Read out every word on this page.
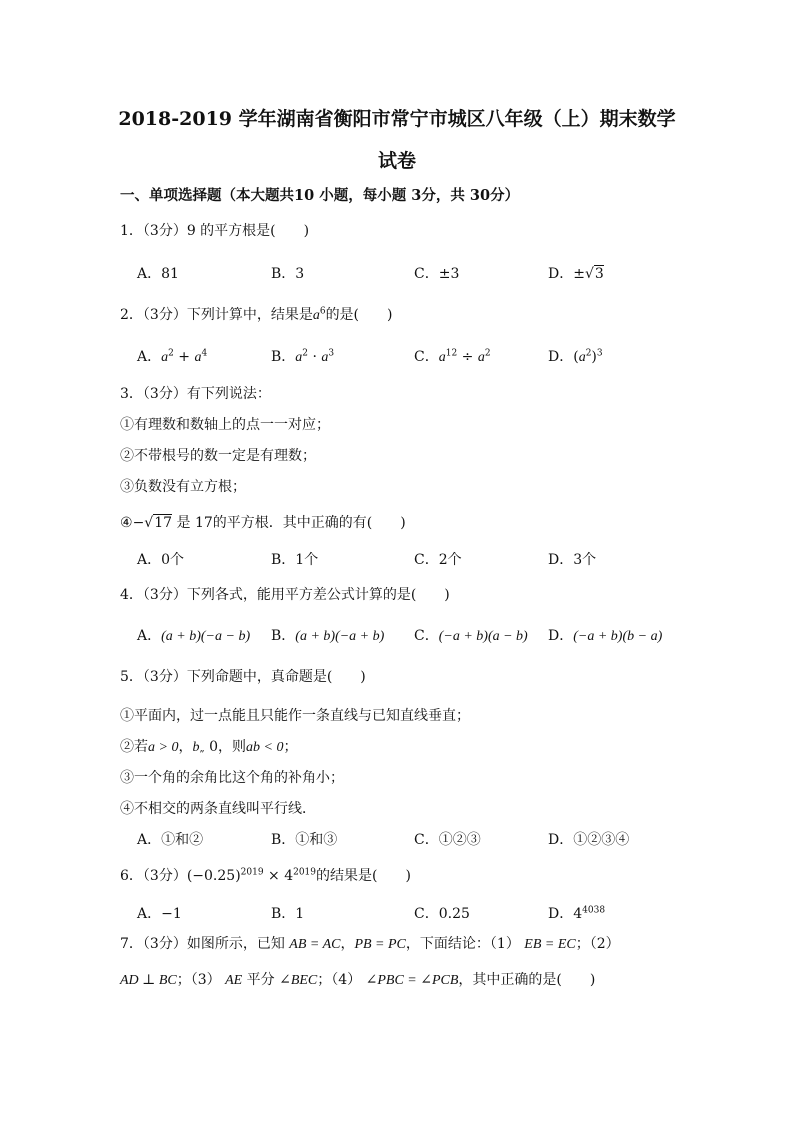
2018-2019 学年湖南省衡阳市常宁市城区八年级（上）期末数学
试卷
一、单项选择题（本大题共10 小题，每小题 3分，共 30分）
1．（3分）9 的平方根是(　　)
A．81	B．3	C．±3	D．±√3
2．（3分）下列计算中，结果是$a^6$的是(　　)
A．$a^2 + a^4$	B．$a^2 \cdot a^3$	C．$a^{12} \div a^2$	D．$(a^2)^3$
3．（3分）有下列说法：
①有理数和数轴上的点一一对应；
②不带根号的数一定是有理数；
③负数没有立方根；
④−√17 是 17的平方根．其中正确的有(　　)
A．0个	B．1个	C．2个	D．3个
4．（3分）下列各式，能用平方差公式计算的是(　　)
A．(a + b)(−a − b) B．(a + b)(−a + b) C．(−a + b)(a − b) D．(−a + b)(b − a)
5．（3分）下列命题中，真命题是(　　)
①平面内，过一点能且只能作一条直线与已知直线垂直；
②若a > 0，b„ 0，则ab < 0；
③一个角的余角比这个角的补角小；
④不相交的两条直线叫平行线．
A．①和②	B．①和③	C．①②③	D．①②③④
6．（3分）$(-0.25)^{2019} \times 4^{2019}$的结果是(　　)
A．−1	B．1	C．0.25	D．$4^{4038}$
7．（3分）如图所示，已知 AB = AC，PB = PC，下面结论：（1） EB = EC；（2）
AD ⊥ BC；（3） AE 平分 ∠BEC；（4） ∠PBC = ∠PCB，其中正确的是(　　)
